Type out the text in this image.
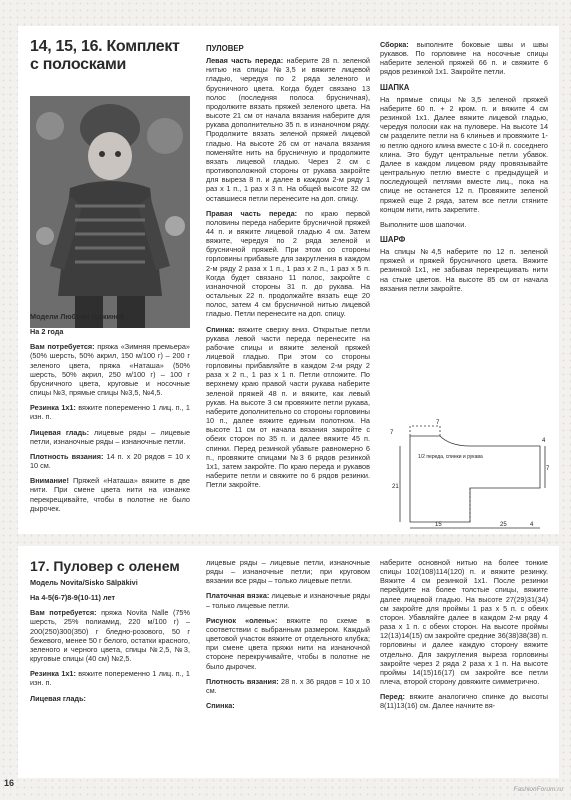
14, 15, 16. Комплект
с полосками

Модели Любови Щукиной

На 2 года

Вам потребуется: пряжа «Зимняя премьера» (50% шерсть, 50% акрил, 150 м/100 г) – 200 г зеленого цвета, пряжа «Наташа» (50% шерсть, 50% акрил, 250 м/100 г) – 100 г брусничного цвета, круговые и носочные спицы №3, прямые спицы №3,5, №4,5.

Резинка 1х1: вяжите попеременно 1 лиц. п., 1 изн. п.

Лицевая гладь: лицевые ряды – лицевые петли, изнаночные ряды – изнаночные петли.

Плотность вязания: 14 п. х 20 рядов = 10 х 10 см.

Внимание! Пряжей «Наташа» вяжите в две нити. При смене цвета нити на изнанке перекрещивайте, чтобы в полотне не было дырочек.

ПУЛОВЕР

Левая часть переда: наберите 28 п. зеленой нитью на спицы №3,5 и вяжите лицевой гладью, чередуя по 2 ряда зеленого и брусничного цвета. Когда будет связано 13 полос (последняя полоса брусничная), продолжите вязать пряжей зеленого цвета. На высоте 21 см от начала вязания наберите для рукава дополнительно 35 п. в изнаночном ряду. Продолжите вязать зеленой пряжей лицевой гладью. На высоте 26 см от начала вязания поменяйте нить на брусничную и продолжите вязать лицевой гладью. Через 2 см с противоположной стороны от рукава закройте для выреза 8 п. и далее в каждом 2-м ряду 1 раз х 1 п., 1 раз х 3 п. На общей высоте 32 см оставшиеся петли перенесите на доп. спицу.

Правая часть переда: по краю первой половины переда наберите брусничной пряжей 44 п. и вяжите лицевой гладью 4 см. Затем вяжите, чередуя по 2 ряда зеленой и брусничной пряжей. При этом со стороны горловины прибавьте для закругления в каждом 2-м ряду 2 раза х 1 п., 1 раз х 2 п., 1 раз х 5 п. Когда будет связано 11 полос, закройте с изнаночной стороны 31 п. до рукава. На остальных 22 п. продолжайте вязать еще 20 полос, затем 4 см брусничной нитью лицевой гладью. Петли перенесите на доп. спицу.

Спинка: вяжите сверху вниз. Открытые петли рукава левой части переда перенесите на рабочие спицы и вяжите зеленой пряжей лицевой гладью. При этом со стороны горловины прибавляйте в каждом 2-м ряду 2 раза х 2 п., 1 раз х 1 п. Петли отложите. По верхнему краю правой части рукава наберите зеленой пряжей 48 п. и вяжите, как левый рукав. На высоте 3 см провяжите петли рукава, наберите дополнительно со стороны горловины 10 п., далее вяжите единым полотном. На высоте 11 см от начала вязания закройте с обеих сторон по 35 п. и далее вяжите 45 п. спинки. Перед резинкой убавьте равномерно 6 п., провяжите спицами №3 6 рядов резинкой 1х1, затем закройте. По краю переда и рукавов наберите петли и свяжите по 6 рядов резинки. Петли закройте.

Сборка: выполните боковые швы и швы рукавов. По горловине на носочные спицы наберите зеленой пряжей 66 п. и свяжите 6 рядов резинкой 1х1. Закройте петли.

ШАПКА

На прямые спицы №3,5 зеленой пряжей наберите 60 п. + 2 кром. п. и вяжите 4 см резинкой 1х1. Далее вяжите лицевой гладью, чередуя полоски как на пуловере. На высоте 14 см разделите петли на 6 клиньев и провяжите 1-ю петлю одного клина вместе с 10-й п. соседнего клина. Это будут центральные петли убавок. Далее в каждом лицевом ряду провязывайте центральную петлю вместе с предыдущей и последующей петлями вместе лиц., пока на спице не останется 12 п. Провяжите зеленой пряжей еще 2 ряда, затем все петли стяните концом нити, нить закрепите.

Выполните шов шапочки.

ШАРФ

На спицы №4,5 наберите по 12 п. зеленой пряжей и пряжей брусничного цвета. Вяжите резинкой 1х1, не забывая перекрещивать нити на стыке цветов. На высоте 85 см от начала вязания петли закройте.

7
7
1/2 переда, спинки и рукава
21
15	25	4
4
7
17. Пуловер с оленем

Модель Novita/Sisko Sälpäkivi

На 4-5(6-7)8-9(10-11) лет

Вам потребуется: пряжа Novita Nalle (75% шерсть, 25% полиамид, 220 м/100 г) – 200(250)300(350) г бледно-розового, 50 г бежевого, менее 50 г белого, остатки красного, зеленого и черного цвета, спицы №2,5, №3, круговые спицы (40 см) №2,5.

Резинка 1х1: вяжите попеременно 1 лиц. п., 1 изн. п.

Лицевая гладь:

лицевые ряды – лицевые петли, изнаночные ряды – изнаночные петли; при круговом вязании все ряды – только лицевые петли.

Платочная вязка: лицевые и изнаночные ряды – только лицевые петли.

Рисунок «олень»: вяжите по схеме в соответствии с выбранным размером. Каждый цветовой участок вяжите от отдельного клубка; при смене цвета пряжи нити на изнаночной стороне перекручивайте, чтобы в полотне не было дырочек.

Плотность вязания: 28 п. х 36 рядов = 10 х 10 см.

Спинка:

наберите основной нитью на более тонкие спицы 102(108)114(120) п. и вяжите резинку. Вяжите 4 см резинкой 1х1. После резинки перейдите на более толстые спицы, вяжите далее лицевой гладью. На высоте 27(29)31(34) см закройте для проймы 1 раз х 5 п. с обеих сторон. Убавляйте далее в каждом 2-м ряду 4 раза х 1 п. с обеих сторон. На высоте проймы 12(13)14(15) см закройте средние 36(38)38(38) п. горловины и далее каждую сторону вяжите отдельно. Для закругления выреза горловины закройте через 2 ряда 2 раза х 1 п. На высоте проймы 14(15)16(17) см закройте все петли плеча, второй сторону довяжите симметрично.

Перед: вяжите аналогично спинке до высоты 8(11)13(16) см. Далее начните вя-

16
FashionForum.ru
